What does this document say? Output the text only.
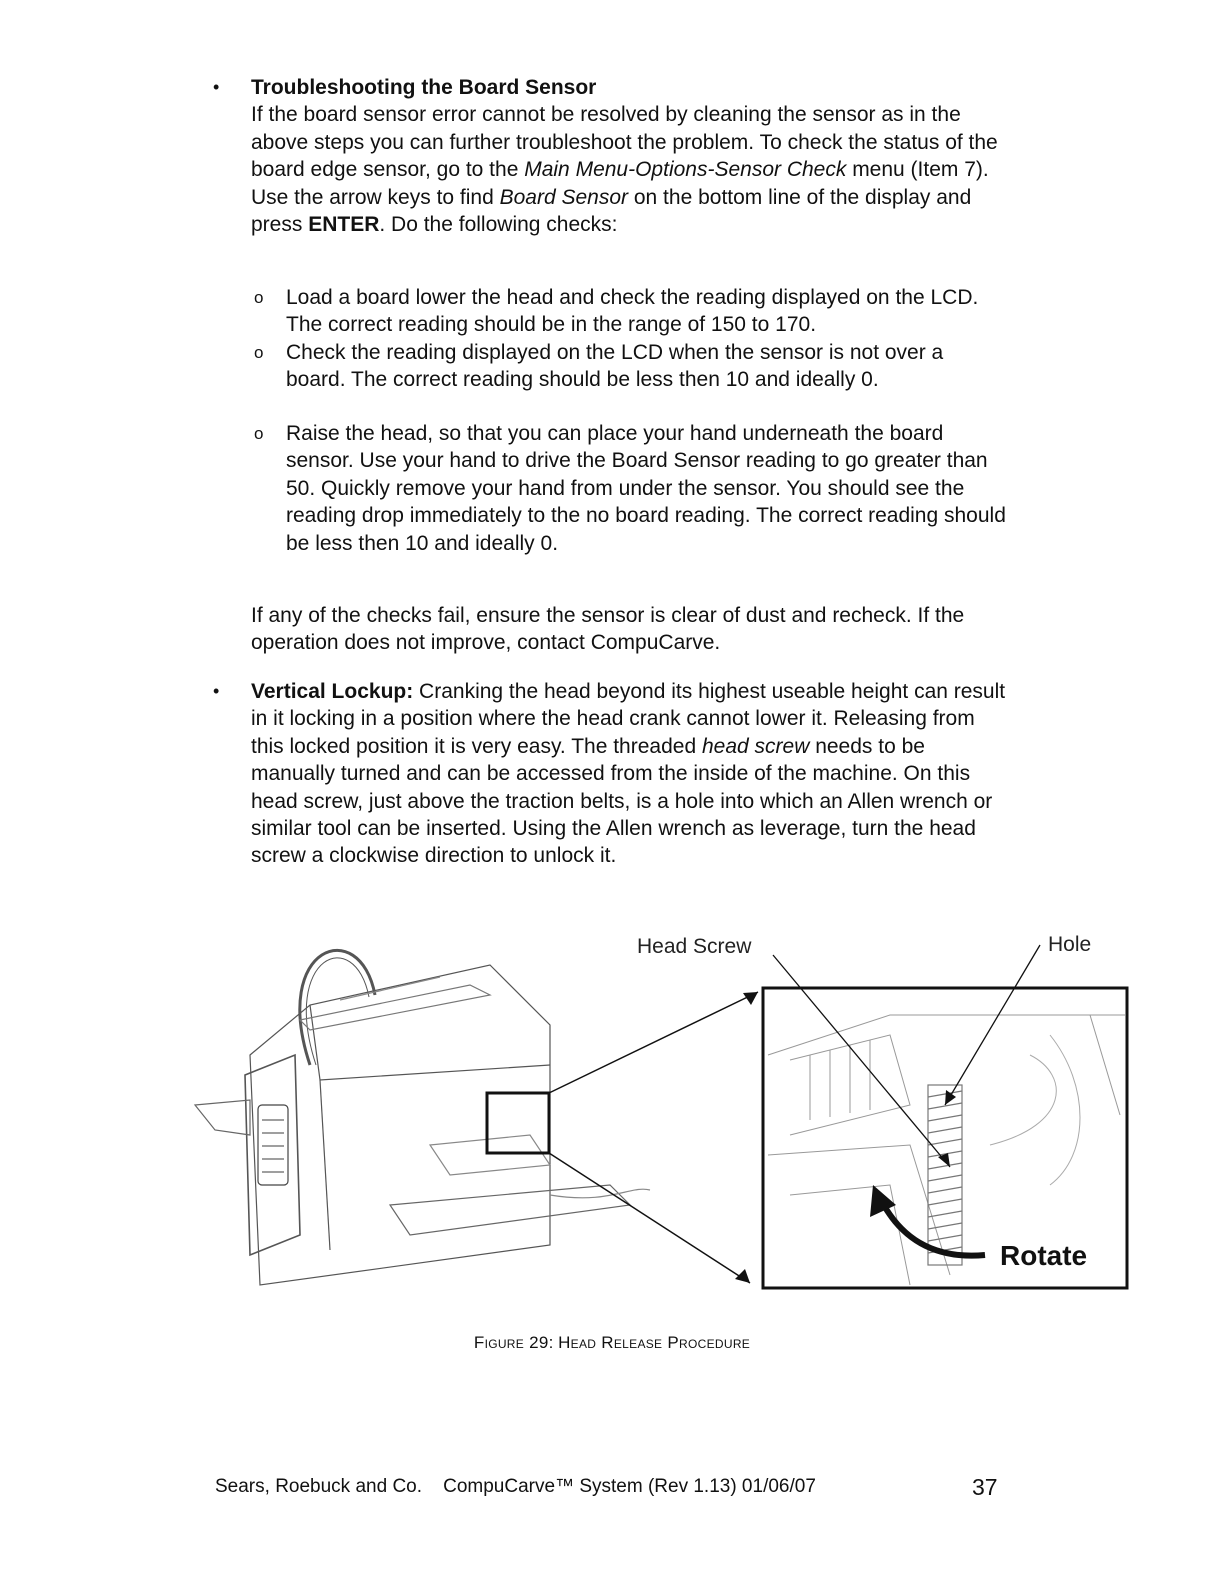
• Troubleshooting the Board Sensor

If the board sensor error cannot be resolved by cleaning the sensor as in the above steps you can further troubleshoot the problem. To check the status of the board edge sensor, go to the Main Menu-Options-Sensor Check menu (Item 7). Use the arrow keys to find Board Sensor on the bottom line of the display and press ENTER. Do the following checks:

o Load a board lower the head and check the reading displayed on the LCD. The correct reading should be in the range of 150 to 170.
o Check the reading displayed on the LCD when the sensor is not over a board. The correct reading should be less then 10 and ideally 0.
o Raise the head, so that you can place your hand underneath the board sensor. Use your hand to drive the Board Sensor reading to go greater than 50. Quickly remove your hand from under the sensor. You should see the reading drop immediately to the no board reading. The correct reading should be less then 10 and ideally 0.
If any of the checks fail, ensure the sensor is clear of dust and recheck. If the operation does not improve, contact CompuCarve.
• Vertical Lockup: Cranking the head beyond its highest useable height can result in it locking in a position where the head crank cannot lower it. Releasing from this locked position it is very easy. The threaded head screw needs to be manually turned and can be accessed from the inside of the machine. On this head screw, just above the traction belts, is a hole into which an Allen wrench or similar tool can be inserted. Using the Allen wrench as leverage, turn the head screw a clockwise direction to unlock it.

Head Screw	Hole
Rotate
Figure 29: Head Release Procedure
Sears, Roebuck and Co.    CompuCarve™ System (Rev 1.13) 01/06/07	37
